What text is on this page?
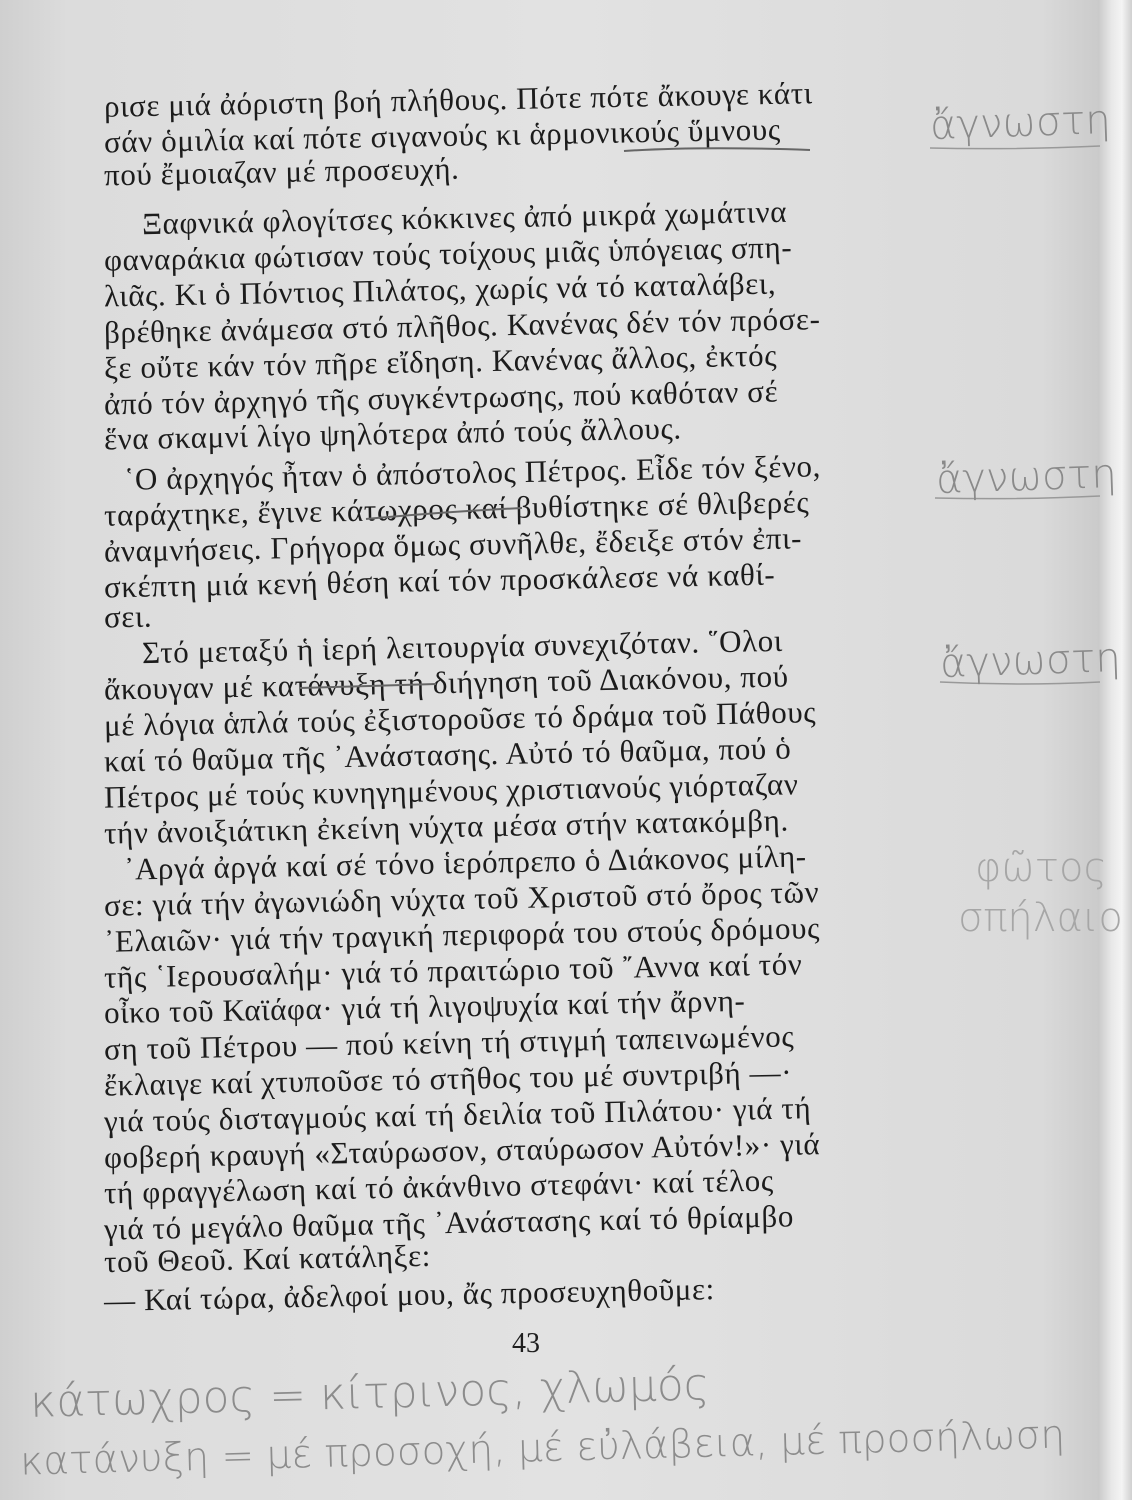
ρισε μιά ἀόριστη βοή πλήθους. Πότε πότε ἄκουγε κάτι
σάν ὁμιλία καί πότε σιγανούς κι ἁρμονικούς ὕμνους
πού ἔμοιαζαν μέ προσευχή.
Ξαφνικά φλογίτσες κόκκινες ἀπό μικρά χωμάτινα
φαναράκια φώτισαν τούς τοίχους μιᾶς ὑπόγειας σπη-
λιᾶς. Κι ὁ Πόντιος Πιλάτος, χωρίς νά τό καταλάβει,
βρέθηκε ἀνάμεσα στό πλῆθος. Κανένας δέν τόν πρόσε-
ξε οὔτε κάν τόν πῆρε εἴδηση. Κανένας ἄλλος, ἐκτός
ἀπό τόν ἀρχηγό τῆς συγκέντρωσης, πού καθόταν σέ
ἕνα σκαμνί λίγο ψηλότερα ἀπό τούς ἄλλους.
῾Ο ἀρχηγός ἦταν ὁ ἀπόστολος Πέτρος. Εἶδε τόν ξένο,
ταράχτηκε, ἔγινε κάτωχρος καί βυθίστηκε σέ θλιβερές
ἀναμνήσεις. Γρήγορα ὅμως συνῆλθε, ἔδειξε στόν ἐπι-
σκέπτη μιά κενή θέση καί τόν προσκάλεσε νά καθί-
σει.
Στό μεταξύ ἡ ἱερή λειτουργία συνεχιζόταν. ῞Ολοι
ἄκουγαν μέ κατάνυξη τή διήγηση τοῦ Διακόνου, πού
μέ λόγια ἁπλά τούς ἐξιστοροῦσε τό δράμα τοῦ Πάθους
καί τό θαῦμα τῆς ᾽Ανάστασης. Αὐτό τό θαῦμα, πού ὁ
Πέτρος μέ τούς κυνηγημένους χριστιανούς γιόρταζαν
τήν ἀνοιξιάτικη ἐκείνη νύχτα μέσα στήν κατακόμβη.
᾽Αργά ἀργά καί σέ τόνο ἱερόπρεπο ὁ Διάκονος μίλη-
σε: γιά τήν ἀγωνιώδη νύχτα τοῦ Χριστοῦ στό ὄρος τῶν
᾽Ελαιῶν· γιά τήν τραγική περιφορά του στούς δρόμους
τῆς ῾Ιερουσαλήμ· γιά τό πραιτώριο τοῦ ῎Αννα καί τόν
οἶκο τοῦ Καϊάφα· γιά τή λιγοψυχία καί τήν ἄρνη-
ση τοῦ Πέτρου — πού κείνη τή στιγμή ταπεινωμένος
ἔκλαιγε καί χτυποῦσε τό στῆθος του μέ συντριβή —·
γιά τούς δισταγμούς καί τή δειλία τοῦ Πιλάτου· γιά τή
φοβερή κραυγή «Σταύρωσον, σταύρωσον Αὐτόν!»· γιά
τή φραγγέλωση καί τό ἀκάνθινο στεφάνι· καί τέλος
γιά τό μεγάλο θαῦμα τῆς ᾽Ανάστασης καί τό θρίαμβο
τοῦ Θεοῦ. Καί κατάληξε:
— Καί τώρα, ἀδελφοί μου, ἄς προσευχηθοῦμε:
43
ἄγνωστη
ἄγνωστη
ἄγνωστη
φῶτος
σπήλαιο
κάτωχρος = κίτρινος, χλωμός
κατάνυξη = μέ προσοχή, μέ εὐλάβεια, μέ προσήλωση
